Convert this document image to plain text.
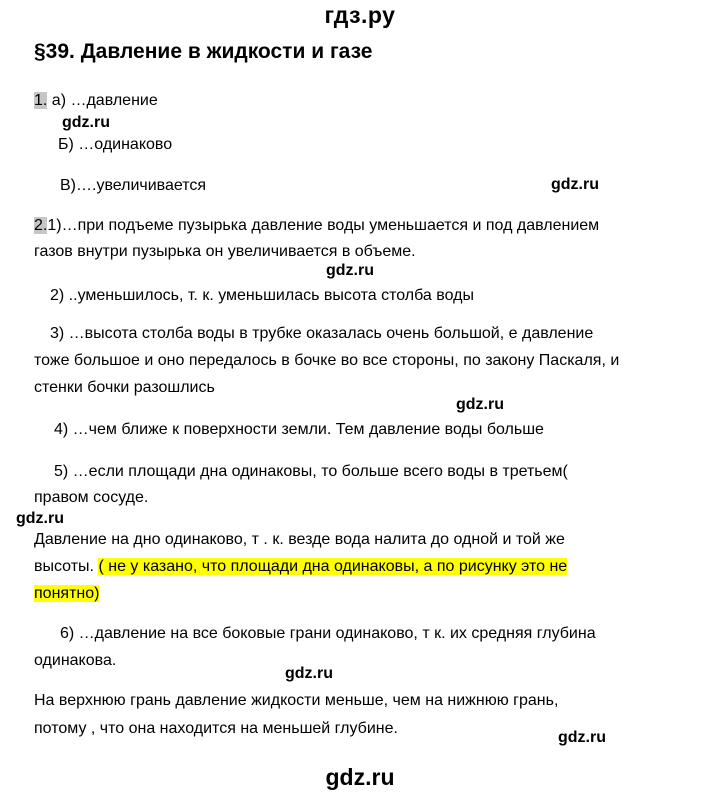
гдз.ру
§39. Давление в жидкости и газе
1. а) …давление
gdz.ru
Б) …одинаково
В)….увеличивается	gdz.ru
2.1)…при подъеме пузырька давление воды уменьшается и под давлением
газов внутри пузырька он увеличивается в объеме.
gdz.ru
2) ..уменьшилось, т. к. уменьшилась высота столба воды
3) …высота столба воды в трубке оказалась очень большой, е давление
тоже большое и оно передалось в бочке во все стороны, по закону Паскаля, и
стенки бочки разошлись
gdz.ru
4) …чем ближе к поверхности земли. Тем давление воды больше
5) …если площади дна одинаковы, то больше всего воды в третьем(
правом сосуде.
gdz.ru
Давление на дно одинаково, т . к. везде вода налита до одной и той же
высоты. ( не у казано, что площади дна одинаковы, а по рисунку это не
понятно)
6) …давление на все боковые грани одинаково, т к. их средняя глубина
одинакова.
gdz.ru
На верхнюю грань давление жидкости меньше, чем на нижнюю грань,
потому , что она находится на меньшей глубине.
gdz.ru
gdz.ru
